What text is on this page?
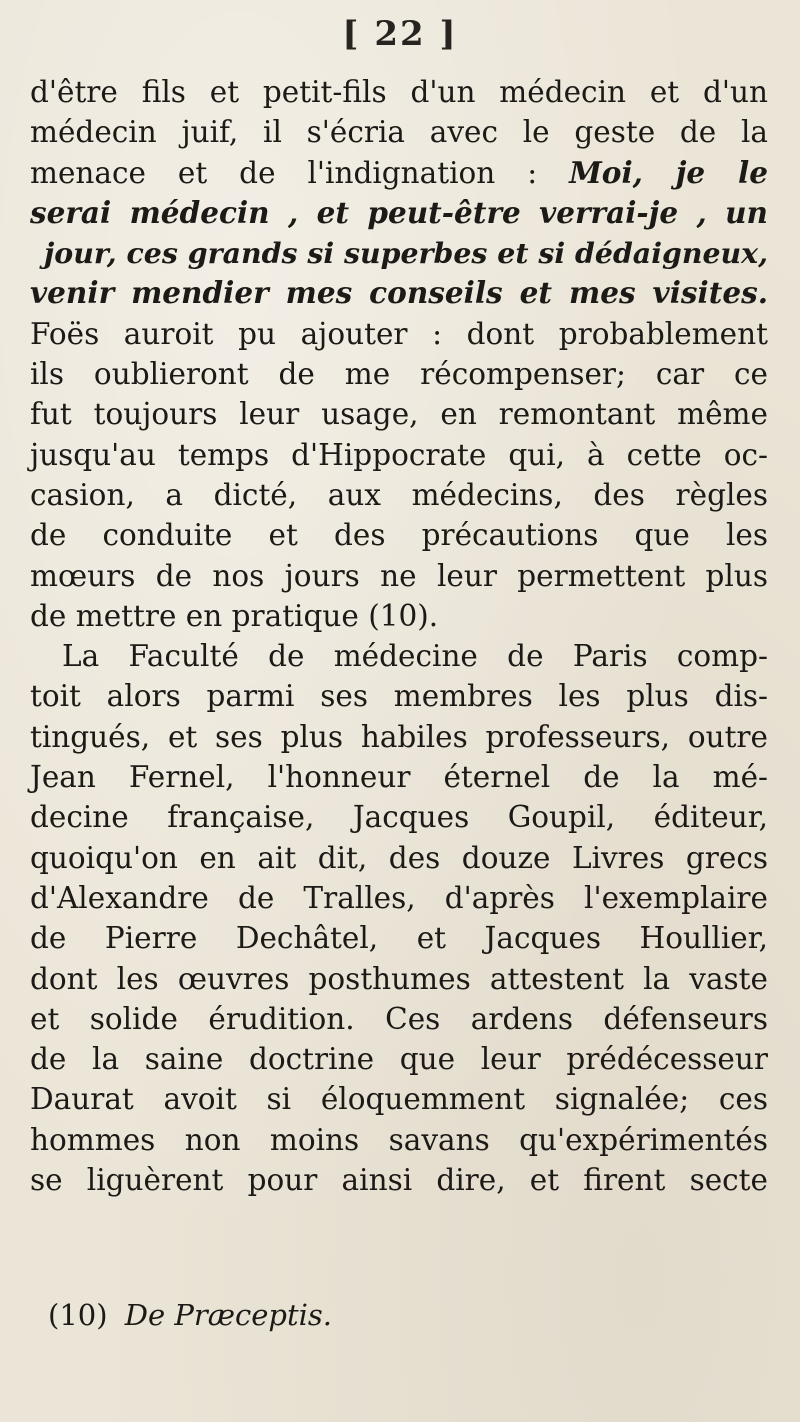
[ 22 ]
d'être fils et petit-fils d'un médecin et d'un
médecin juif, il s'écria avec le geste de la
menace et de l'indignation : Moi, je le
serai médecin , et peut-être verrai-je , un
jour, ces grands si superbes et si dédaigneux,
venir mendier mes conseils et mes visites.
Foës auroit pu ajouter : dont probablement
ils oublieront de me récompenser; car ce
fut toujours leur usage, en remontant même
jusqu'au temps d'Hippocrate qui, à cette oc-
casion, a dicté, aux médecins, des règles
de conduite et des précautions que les
mœurs de nos jours ne leur permettent plus
de mettre en pratique (10).
La Faculté de médecine de Paris comp-
toit alors parmi ses membres les plus dis-
tingués, et ses plus habiles professeurs, outre
Jean Fernel, l'honneur éternel de la mé-
decine française, Jacques Goupil, éditeur,
quoiqu'on en ait dit, des douze Livres grecs
d'Alexandre de Tralles, d'après l'exemplaire
de Pierre Dechâtel, et Jacques Houllier,
dont les œuvres posthumes attestent la vaste
et solide érudition. Ces ardens défenseurs
de la saine doctrine que leur prédécesseur
Daurat avoit si éloquemment signalée; ces
hommes non moins savans qu'expérimentés
se liguèrent pour ainsi dire, et firent secte
(10) De Præceptis.
